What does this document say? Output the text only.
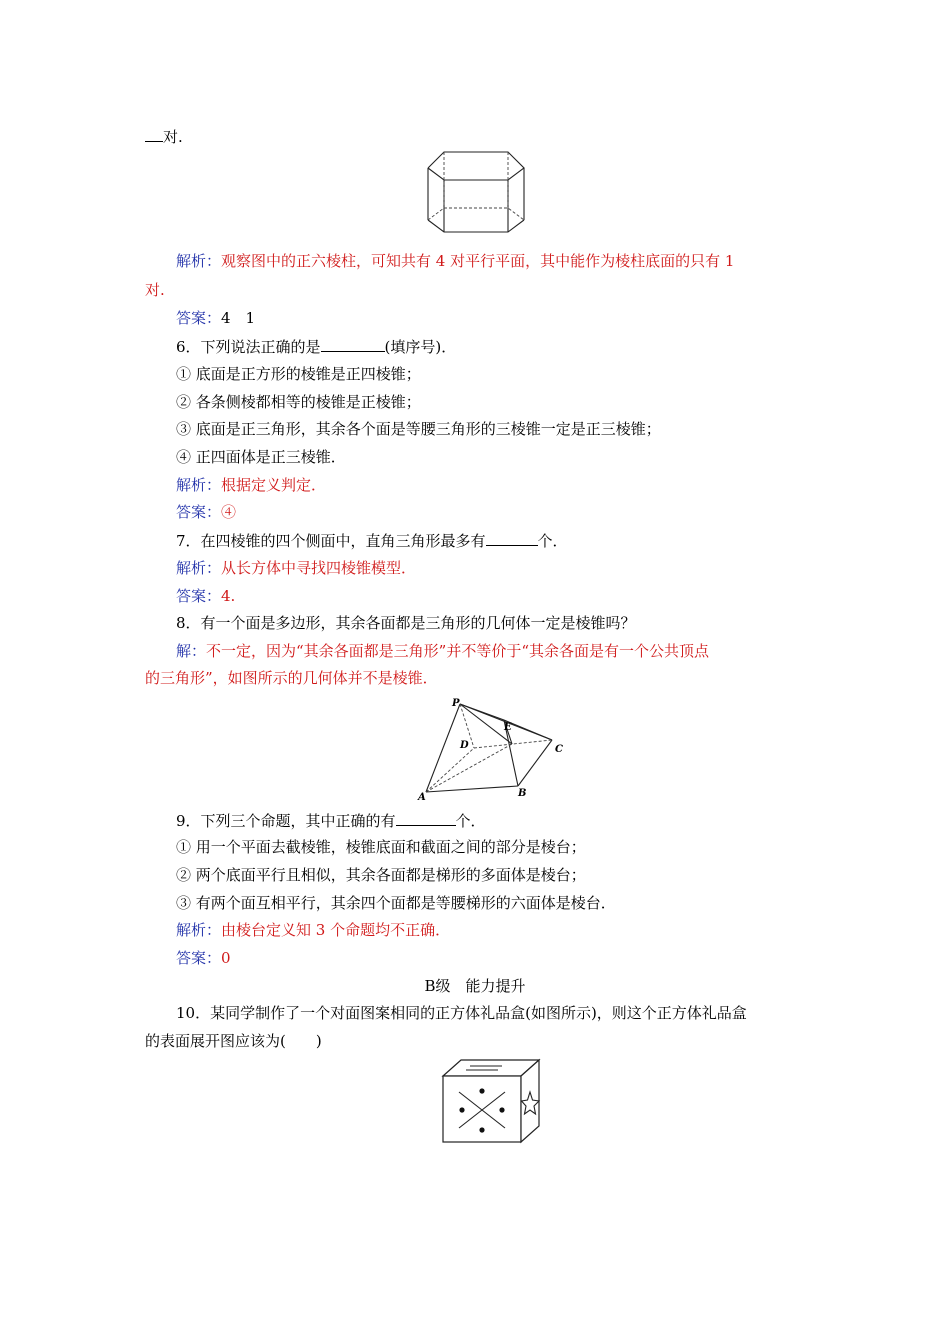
对.
解析：观察图中的正六棱柱，可知共有 4 对平行平面，其中能作为棱柱底面的只有 1
对.
答案：4　1
6．下列说法正确的是	(填序号)．
① 底面是正方形的棱锥是正四棱锥；
② 各条侧棱都相等的棱锥是正棱锥；
③ 底面是正三角形，其余各个面是等腰三角形的三棱锥一定是正三棱锥；
④ 正四面体是正三棱锥．
解析：根据定义判定．
答案：④
7．在四棱锥的四个侧面中，直角三角形最多有	个．
解析：从长方体中寻找四棱锥模型．
答案：4.
8．有一个面是多边形，其余各面都是三角形的几何体一定是棱锥吗？
解：不一定，因为“其余各面都是三角形”并不等价于“其余各面是有一个公共顶点
的三角形”，如图所示的几何体并不是棱锥．
P
E
D	C
A	B
9．下列三个命题，其中正确的有	个．
① 用一个平面去截棱锥，棱锥底面和截面之间的部分是棱台；
② 两个底面平行且相似，其余各面都是梯形的多面体是棱台；
③ 有两个面互相平行，其余四个面都是等腰梯形的六面体是棱台．
解析：由棱台定义知 3 个命题均不正确．
答案：0
B级　能力提升
10．某同学制作了一个对面图案相同的正方体礼品盒(如图所示)，则这个正方体礼品盒
的表面展开图应该为(　　)
